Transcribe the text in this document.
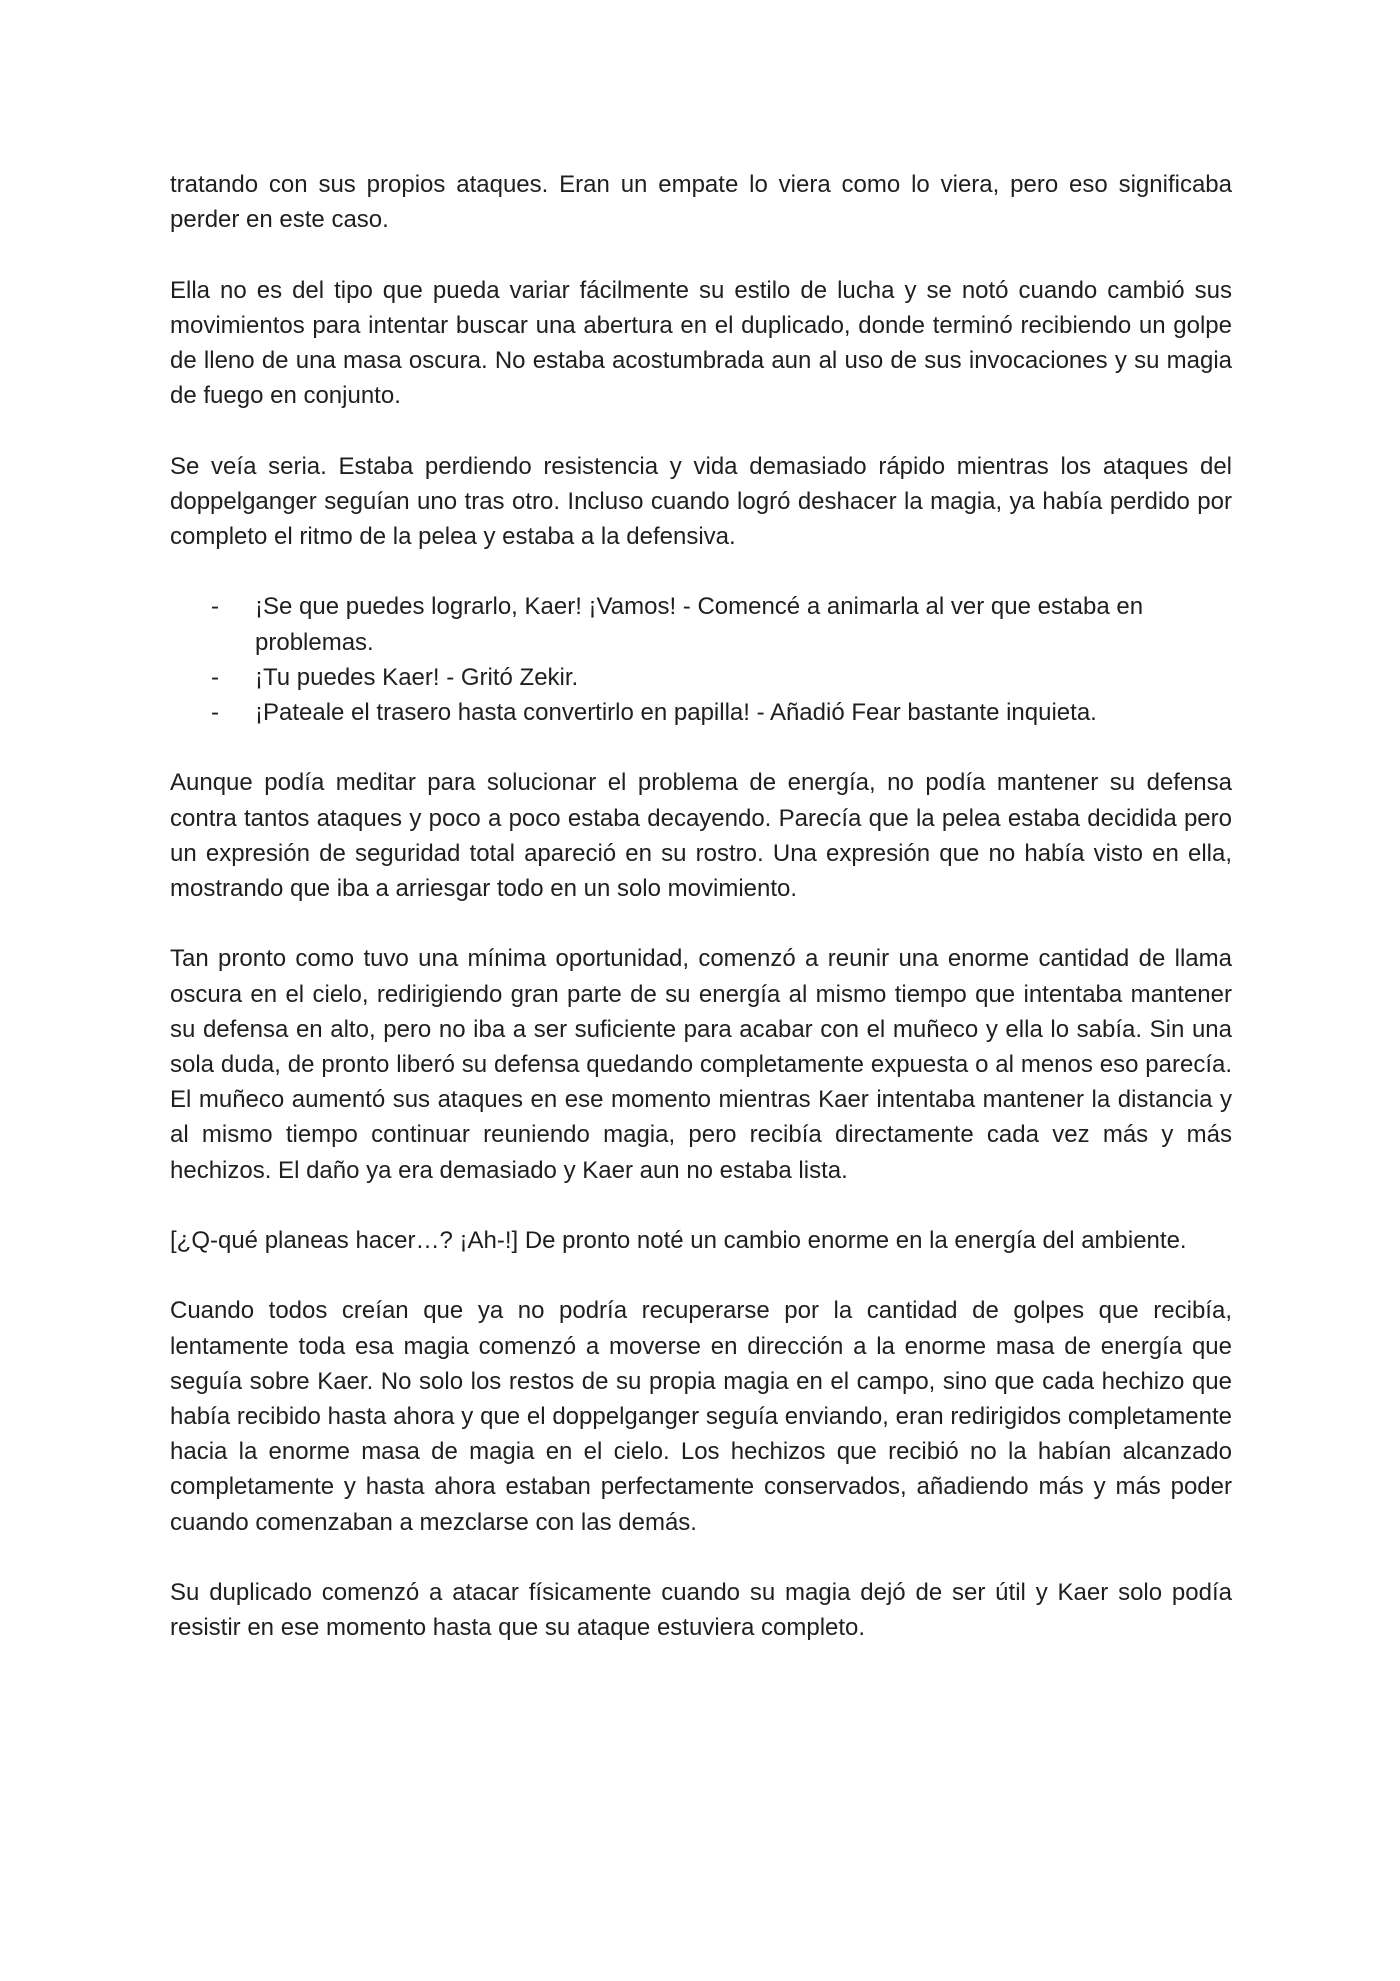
tratando con sus propios ataques. Eran un empate lo viera como lo viera, pero eso significaba perder en este caso.

Ella no es del tipo que pueda variar fácilmente su estilo de lucha y se notó cuando cambió sus movimientos para intentar buscar una abertura en el duplicado, donde terminó recibiendo un golpe de lleno de una masa oscura. No estaba acostumbrada aun al uso de sus invocaciones y su magia de fuego en conjunto.

Se veía seria. Estaba perdiendo resistencia y vida demasiado rápido mientras los ataques del doppelganger seguían uno tras otro. Incluso cuando logró deshacer la magia, ya había perdido por completo el ritmo de la pelea y estaba a la defensiva.

- ¡Se que puedes lograrlo, Kaer! ¡Vamos! - Comencé a animarla al ver que estaba en problemas.
- ¡Tu puedes Kaer! - Gritó Zekir.
- ¡Pateale el trasero hasta convertirlo en papilla! - Añadió Fear bastante inquieta.

Aunque podía meditar para solucionar el problema de energía, no podía mantener su defensa contra tantos ataques y poco a poco estaba decayendo. Parecía que la pelea estaba decidida pero un expresión de seguridad total apareció en su rostro. Una expresión que no había visto en ella, mostrando que iba a arriesgar todo en un solo movimiento.

Tan pronto como tuvo una mínima oportunidad, comenzó a reunir una enorme cantidad de llama oscura en el cielo, redirigiendo gran parte de su energía al mismo tiempo que intentaba mantener su defensa en alto, pero no iba a ser suficiente para acabar con el muñeco y ella lo sabía. Sin una sola duda, de pronto liberó su defensa quedando completamente expuesta o al menos eso parecía. El muñeco aumentó sus ataques en ese momento mientras Kaer intentaba mantener la distancia y al mismo tiempo continuar reuniendo magia, pero recibía directamente cada vez más y más hechizos. El daño ya era demasiado y Kaer aun no estaba lista.

[¿Q-qué planeas hacer…? ¡Ah-!] De pronto noté un cambio enorme en la energía del ambiente.

Cuando todos creían que ya no podría recuperarse por la cantidad de golpes que recibía, lentamente toda esa magia comenzó a moverse en dirección a la enorme masa de energía que seguía sobre Kaer. No solo los restos de su propia magia en el campo, sino que cada hechizo que había recibido hasta ahora y que el doppelganger seguía enviando, eran redirigidos completamente hacia la enorme masa de magia en el cielo. Los hechizos que recibió no la habían alcanzado completamente y hasta ahora estaban perfectamente conservados, añadiendo más y más poder cuando comenzaban a mezclarse con las demás.

Su duplicado comenzó a atacar físicamente cuando su magia dejó de ser útil y Kaer solo podía resistir en ese momento hasta que su ataque estuviera completo.
